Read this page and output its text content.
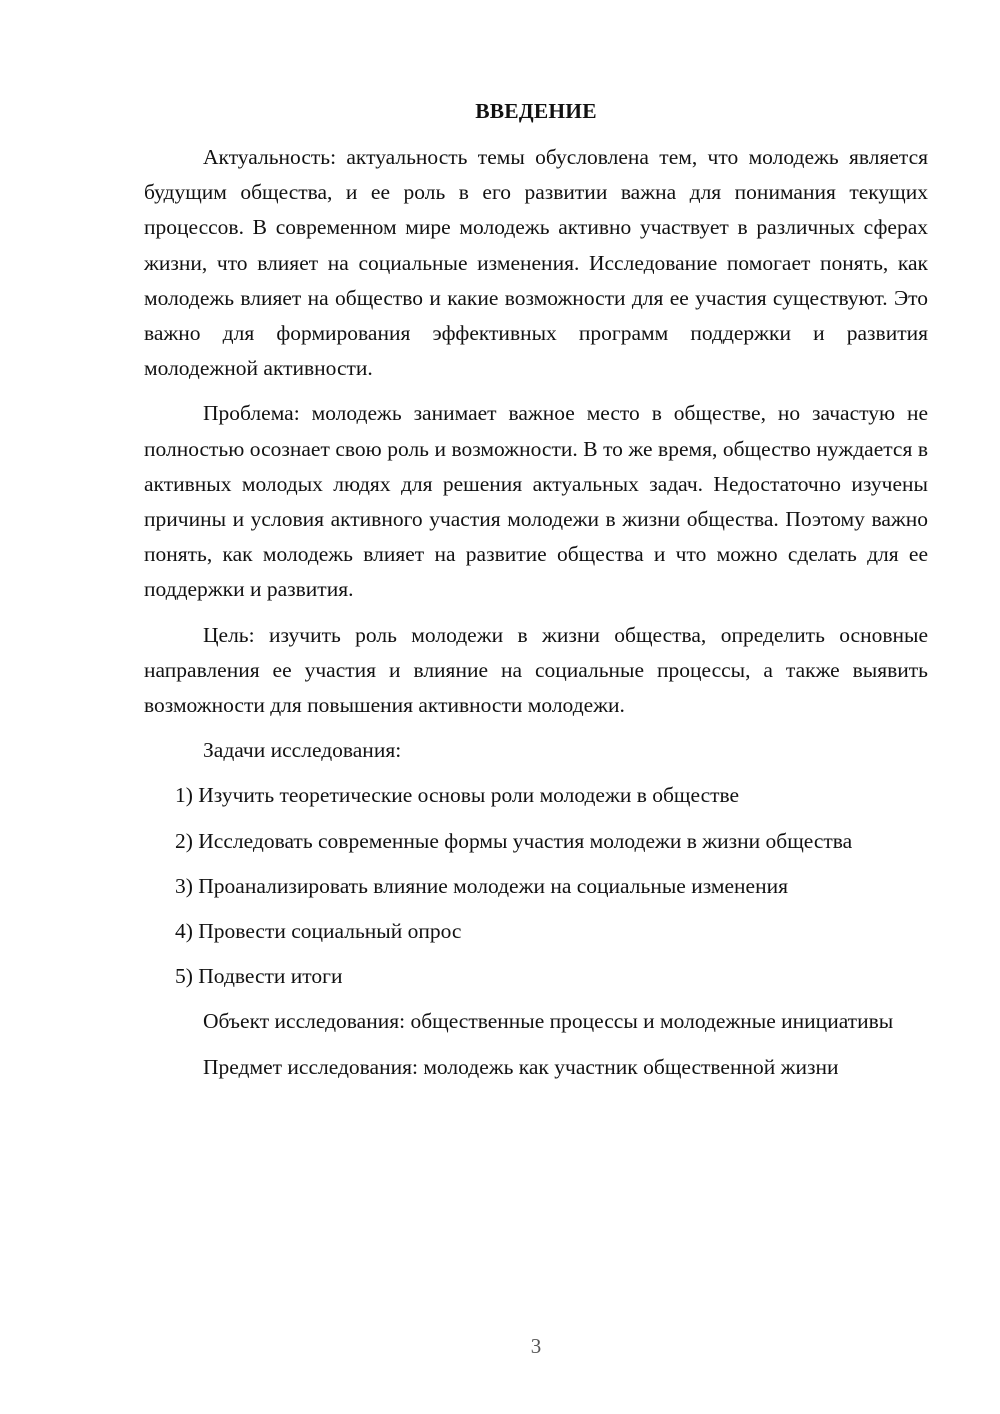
ВВЕДЕНИЕ

Актуальность: актуальность темы обусловлена тем, что молодежь является будущим общества, и ее роль в его развитии важна для понимания текущих процессов. В современном мире молодежь активно участвует в различных сферах жизни, что влияет на социальные изменения. Исследование помогает понять, как молодежь влияет на общество и какие возможности для ее участия существуют. Это важно для формирования эффективных программ поддержки и развития молодежной активности.

Проблема: молодежь занимает важное место в обществе, но зачастую не полностью осознает свою роль и возможности. В то же время, общество нуждается в активных молодых людях для решения актуальных задач. Недостаточно изучены причины и условия активного участия молодежи в жизни общества. Поэтому важно понять, как молодежь влияет на развитие общества и что можно сделать для ее поддержки и развития.

Цель: изучить роль молодежи в жизни общества, определить основные направления ее участия и влияние на социальные процессы, а также выявить возможности для повышения активности молодежи.

Задачи исследования:

1) Изучить теоретические основы роли молодежи в обществе

2) Исследовать современные формы участия молодежи в жизни общества

3) Проанализировать влияние молодежи на социальные изменения

4) Провести социальный опрос

5) Подвести итоги

Объект исследования: общественные процессы и молодежные инициативы

Предмет исследования: молодежь как участник общественной жизни

3
